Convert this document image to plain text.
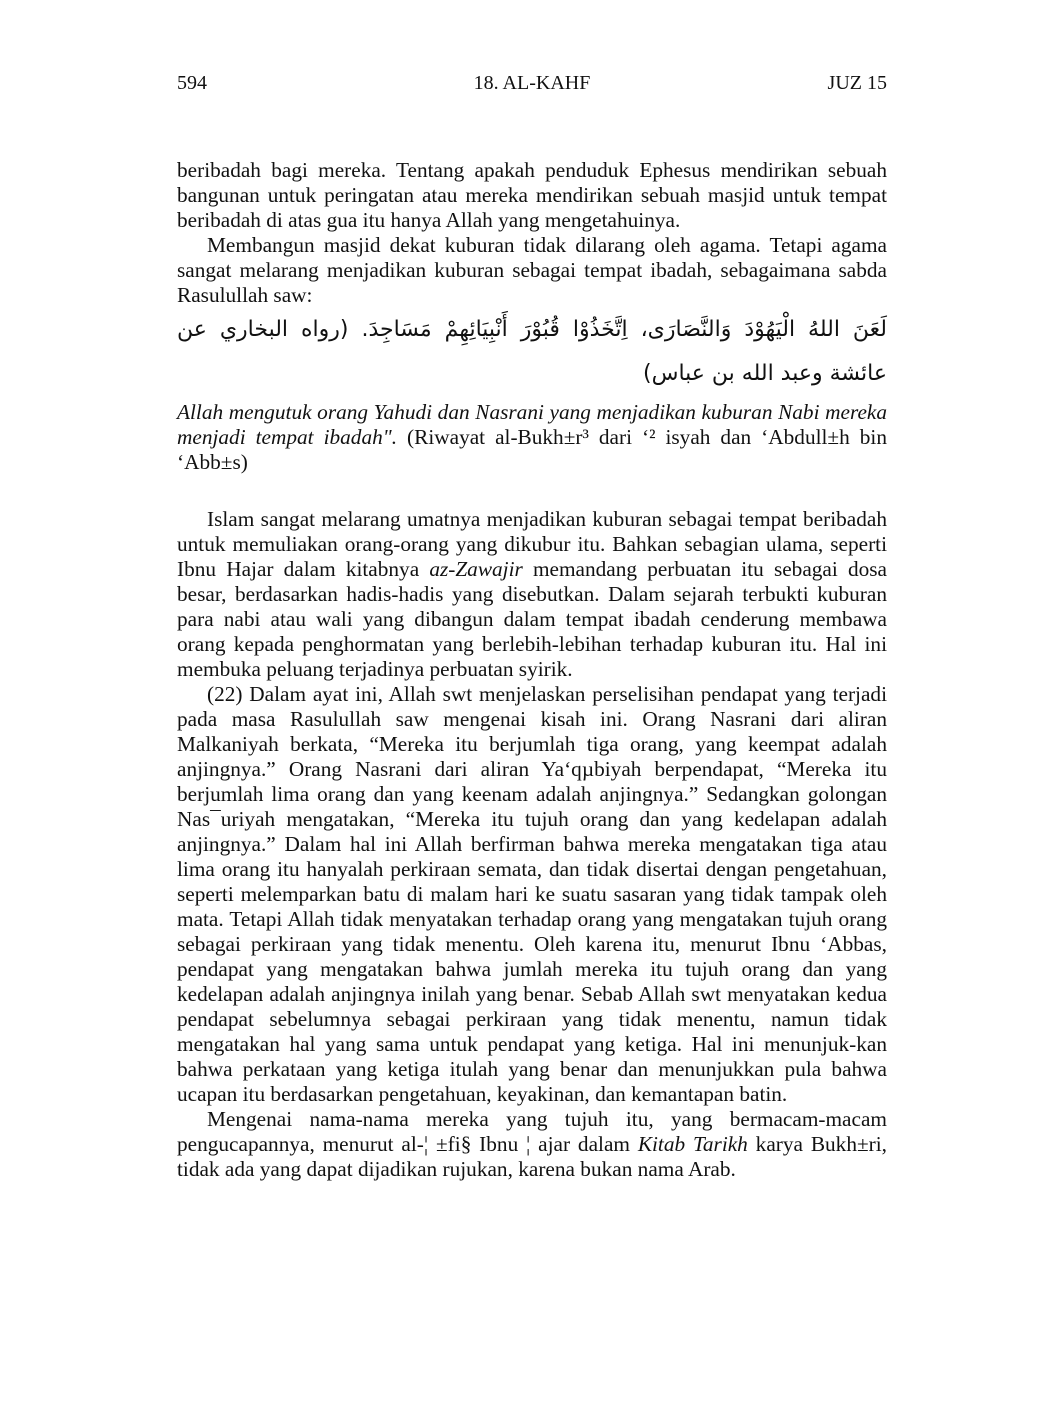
18. AL-KAHF
594	JUZ 15

beribadah bagi mereka. Tentang apakah penduduk Ephesus mendirikan sebuah bangunan untuk peringatan atau mereka mendirikan sebuah masjid untuk tempat beribadah di atas gua itu hanya Allah yang mengetahuinya.

Membangun masjid dekat kuburan tidak dilarang oleh agama. Tetapi agama sangat melarang menjadikan kuburan sebagai tempat ibadah, sebagaimana sabda Rasulullah saw:

لَعَنَ اللهُ الْيَهُوْدَ وَالنَّصَارَى، اِتَّخَذُوْا قُبُوْرَ أَنْبِيَائِهِمْ مَسَاجِدَ. (رواه البخاري عن عائشة وعبد الله بن عباس)

Allah mengutuk orang Yahudi dan Nasrani yang menjadikan kuburan Nabi mereka menjadi tempat ibadah". (Riwayat al-Bukh±r³ dari ‘² isyah dan ‘Abdull±h bin ‘Abb±s)

Islam sangat melarang umatnya menjadikan kuburan sebagai tempat beribadah untuk memuliakan orang-orang yang dikubur itu. Bahkan sebagian ulama, seperti Ibnu Hajar dalam kitabnya az-Zawajir memandang perbuatan itu sebagai dosa besar, berdasarkan hadis-hadis yang disebutkan. Dalam sejarah terbukti kuburan para nabi atau wali yang dibangun dalam tempat ibadah cenderung membawa orang kepada penghormatan yang berlebih-lebihan terhadap kuburan itu. Hal ini membuka peluang terjadinya perbuatan syirik.

(22) Dalam ayat ini, Allah swt menjelaskan perselisihan pendapat yang terjadi pada masa Rasulullah saw mengenai kisah ini. Orang Nasrani dari aliran Malkaniyah berkata, “Mereka itu berjumlah tiga orang, yang keempat adalah anjingnya.” Orang Nasrani dari aliran Ya‘qµbiyah berpendapat, “Mereka itu berjumlah lima orang dan yang keenam adalah anjingnya.” Sedangkan golongan Nas¯uriyah mengatakan, “Mereka itu tujuh orang dan yang kedelapan adalah anjingnya.” Dalam hal ini Allah berfirman bahwa mereka mengatakan tiga atau lima orang itu hanyalah perkiraan semata, dan tidak disertai dengan pengetahuan, seperti melemparkan batu di malam hari ke suatu sasaran yang tidak tampak oleh mata. Tetapi Allah tidak menyatakan terhadap orang yang mengatakan tujuh orang sebagai perkiraan yang tidak menentu. Oleh karena itu, menurut Ibnu ‘Abbas, pendapat yang mengatakan bahwa jumlah mereka itu tujuh orang dan yang kedelapan adalah anjingnya inilah yang benar. Sebab Allah swt menyatakan kedua pendapat sebelumnya sebagai perkiraan yang tidak menentu, namun tidak mengatakan hal yang sama untuk pendapat yang ketiga. Hal ini menunjuk-kan bahwa perkataan yang ketiga itulah yang benar dan menunjukkan pula bahwa ucapan itu berdasarkan pengetahuan, keyakinan, dan kemantapan batin.

Mengenai nama-nama mereka yang tujuh itu, yang bermacam-macam pengucapannya, menurut al-¦ ±fi§ Ibnu ¦ ajar dalam Kitab Tarikh karya Bukh±ri, tidak ada yang dapat dijadikan rujukan, karena bukan nama Arab.
